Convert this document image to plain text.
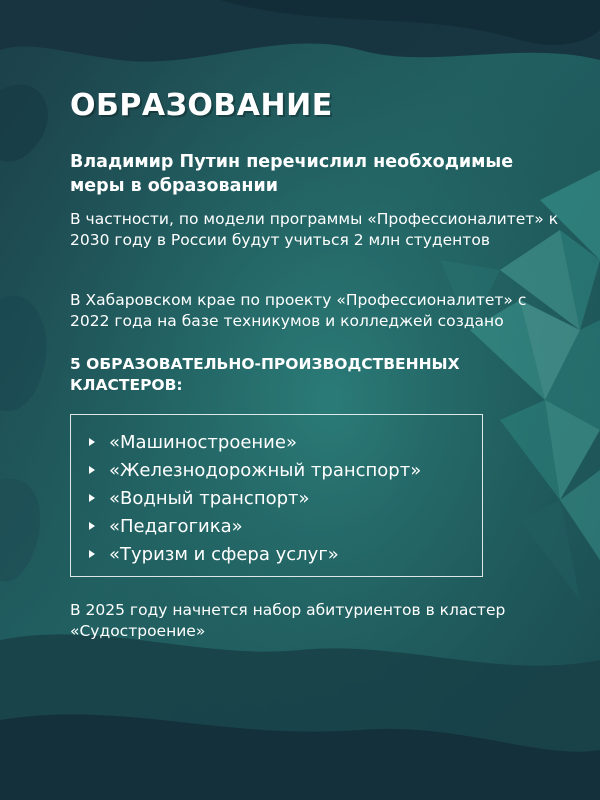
ОБРАЗОВАНИЕ

Владимир Путин перечислил необходимые меры в образовании

В частности, по модели программы «Профессионалитет» к 2030 году в России будут учиться 2 млн студентов

В Хабаровском крае по проекту «Профессионалитет» с 2022 года на базе техникумов и колледжей создано

5 ОБРАЗОВАТЕЛЬНО-ПРОИЗВОДСТВЕННЫХ КЛАСТЕРОВ:

«Машиностроение»
«Железнодорожный транспорт»
«Водный транспорт»
«Педагогика»
«Туризм и сфера услуг»

В 2025 году начнется набор абитуриентов в кластер «Судостроение»
